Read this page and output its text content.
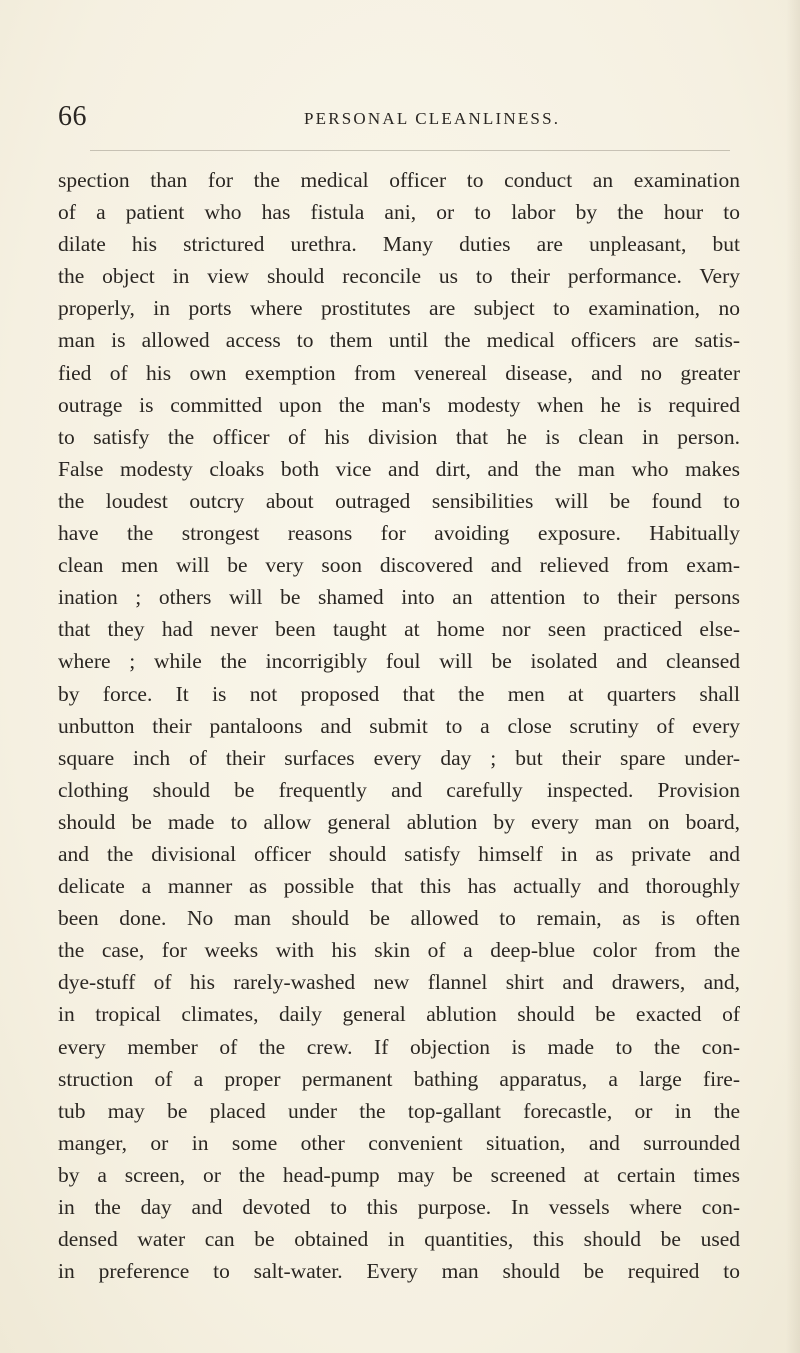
66	PERSONAL CLEANLINESS.
spection than for the medical officer to conduct an examination
of a patient who has fistula ani, or to labor by the hour to
dilate his strictured urethra. Many duties are unpleasant, but
the object in view should reconcile us to their performance. Very
properly, in ports where prostitutes are subject to examination, no
man is allowed access to them until the medical officers are satis-
fied of his own exemption from venereal disease, and no greater
outrage is committed upon the man's modesty when he is required
to satisfy the officer of his division that he is clean in person.
False modesty cloaks both vice and dirt, and the man who makes
the loudest outcry about outraged sensibilities will be found to
have the strongest reasons for avoiding exposure. Habitually
clean men will be very soon discovered and relieved from exam-
ination ; others will be shamed into an attention to their persons
that they had never been taught at home nor seen practiced else-
where ; while the incorrigibly foul will be isolated and cleansed
by force. It is not proposed that the men at quarters shall
unbutton their pantaloons and submit to a close scrutiny of every
square inch of their surfaces every day ; but their spare under-
clothing should be frequently and carefully inspected. Provision
should be made to allow general ablution by every man on board,
and the divisional officer should satisfy himself in as private and
delicate a manner as possible that this has actually and thoroughly
been done. No man should be allowed to remain, as is often
the case, for weeks with his skin of a deep-blue color from the
dye-stuff of his rarely-washed new flannel shirt and drawers, and,
in tropical climates, daily general ablution should be exacted of
every member of the crew. If objection is made to the con-
struction of a proper permanent bathing apparatus, a large fire-
tub may be placed under the top-gallant forecastle, or in the
manger, or in some other convenient situation, and surrounded
by a screen, or the head-pump may be screened at certain times
in the day and devoted to this purpose. In vessels where con-
densed water can be obtained in quantities, this should be used
in preference to salt-water. Every man should be required to
